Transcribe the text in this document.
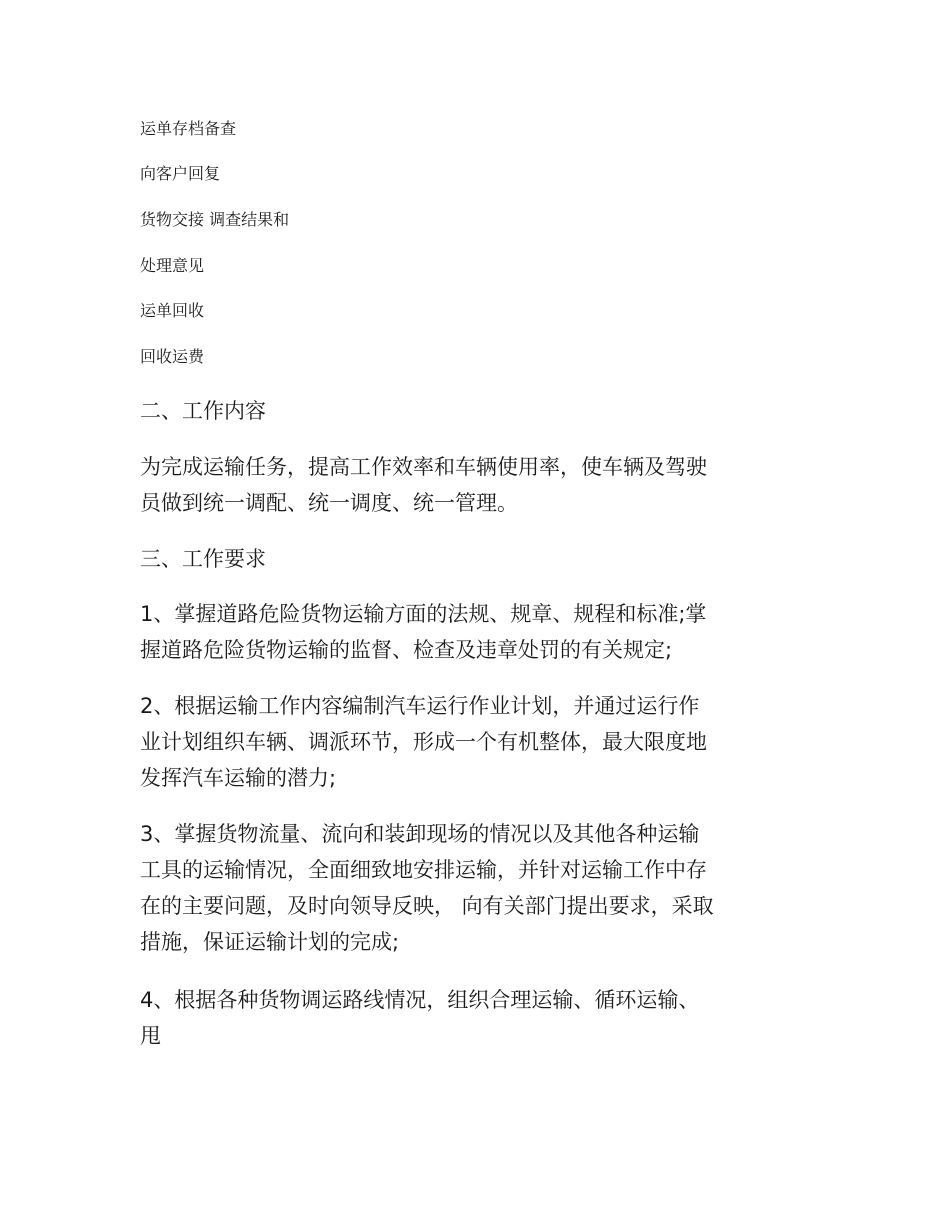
运单存档备查
向客户回复
货物交接 调查结果和
处理意见
运单回收
回收运费
二、工作内容
为完成运输任务，提高工作效率和车辆使用率，使车辆及驾驶
员做到统一调配、统一调度、统一管理。
三、工作要求
1、掌握道路危险货物运输方面的法规、规章、规程和标准;掌
握道路危险货物运输的监督、检查及违章处罚的有关规定;
2、根据运输工作内容编制汽车运行作业计划，并通过运行作
业计划组织车辆、调派环节，形成一个有机整体，最大限度地
发挥汽车运输的潜力;
3、掌握货物流量、流向和装卸现场的情况以及其他各种运输
工具的运输情况，全面细致地安排运输，并针对运输工作中存
在的主要问题，及时向领导反映， 向有关部门提出要求，采取
措施，保证运输计划的完成;
4、根据各种货物调运路线情况，组织合理运输、循环运输、
甩
